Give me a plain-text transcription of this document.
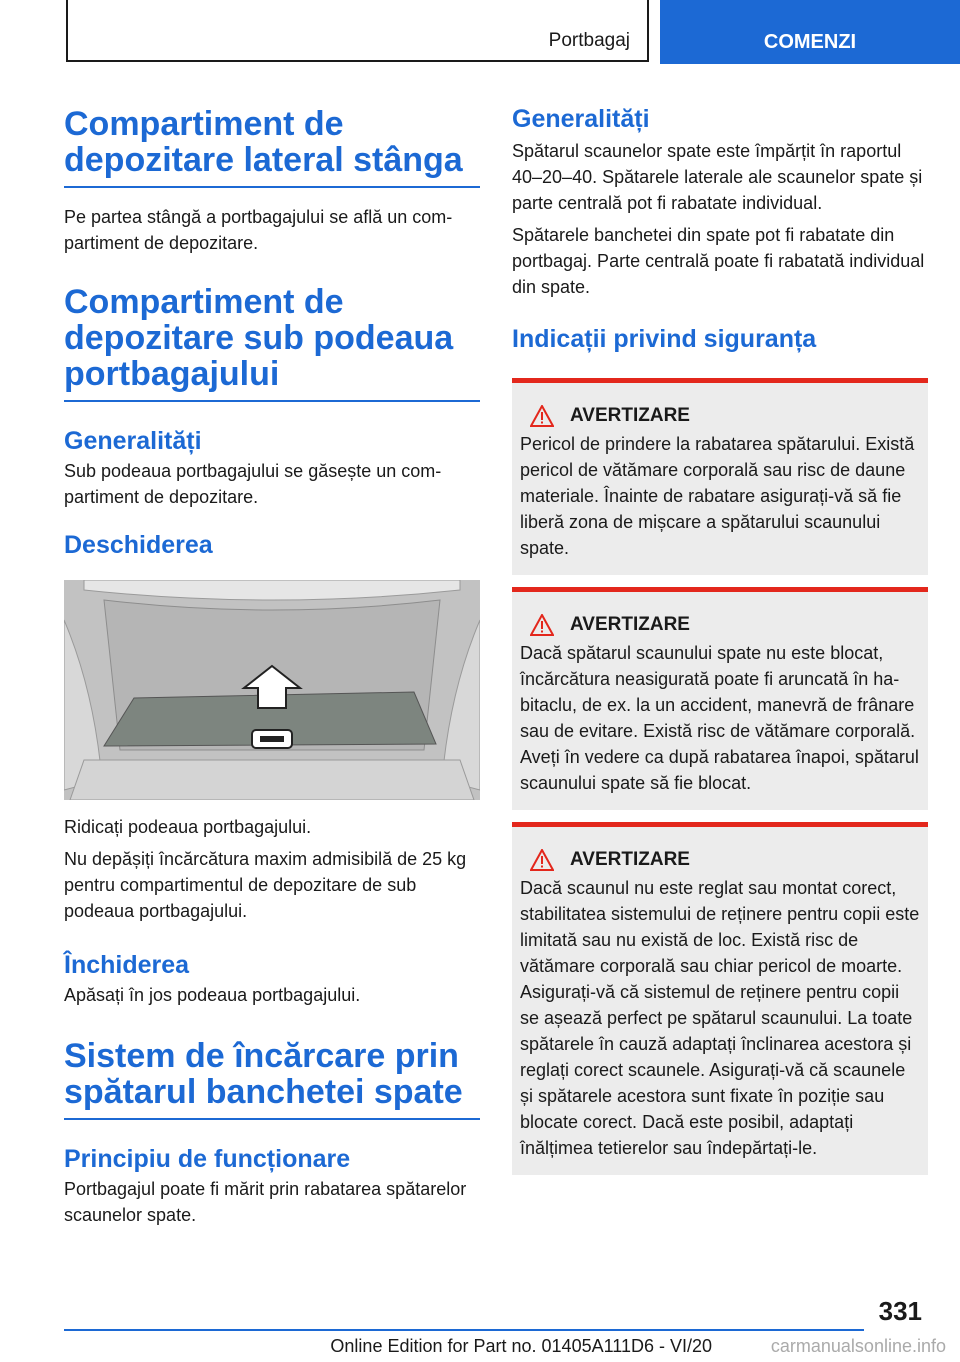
Portbagaj	COMENZI
Compartiment de depozitare lateral stânga

Pe partea stângă a portbagajului se află un compartiment de depozitare.

Compartiment de depozitare sub podeaua portbagajului
Generalități

Sub podeaua portbagajului se găsește un compartiment de depozitare.

Deschiderea

Ridicați podeaua portbagajului.

Nu depășiți încărcătura maxim admisibilă de 25 kg pentru compartimentul de depozitare de sub podeaua portbagajului.

Închiderea

Apăsați în jos podeaua portbagajului.

Sistem de încărcare prin spătarul banchetei spate
Principiu de funcționare

Portbagajul poate fi mărit prin rabatarea spătarelor scaunelor spate.

Generalități

Spătarul scaunelor spate este împărțit în raportul 40–20–40. Spătarele laterale ale scaunelor spate și parte centrală pot fi rabatate individual.

Spătarele banchetei din spate pot fi rabatate din portbagaj. Parte centrală poate fi rabatată individual din spate.

Indicații privind siguranța
AVERTIZARE

Pericol de prindere la rabatarea spătarului. Există pericol de vătămare corporală sau risc de daune materiale. Înainte de rabatare asigurați-vă să fie liberă zona de mișcare a spătarului scaunului spate.

AVERTIZARE

Dacă spătarul scaunului spate nu este blocat, încărcătura neasigurată poate fi aruncată în habitaclu, de ex. la un accident, manevră de frânare sau de evitare. Există risc de vătămare corporală. Aveți în vedere ca după rabatarea înapoi, spătarul scaunului spate să fie blocat.

AVERTIZARE

Dacă scaunul nu este reglat sau montat corect, stabilitatea sistemului de reținere pentru copii este limitată sau nu există de loc. Există risc de vătămare corporală sau chiar pericol de moarte. Asigurați-vă că sistemul de reținere pentru copii se așează perfect pe spătarul scaunului. La toate spătarele în cauză adaptați înclinarea acestora și reglați corect scaunele. Asigurați-vă că scaunele și spătarele acestora sunt fixate în poziție sau blocate corect. Dacă este posibil, adaptați înălțimea tetierelor sau îndepărtați-le.

331
Online Edition for Part no. 01405A111D6 - VI/20	carmanualsonline.info
